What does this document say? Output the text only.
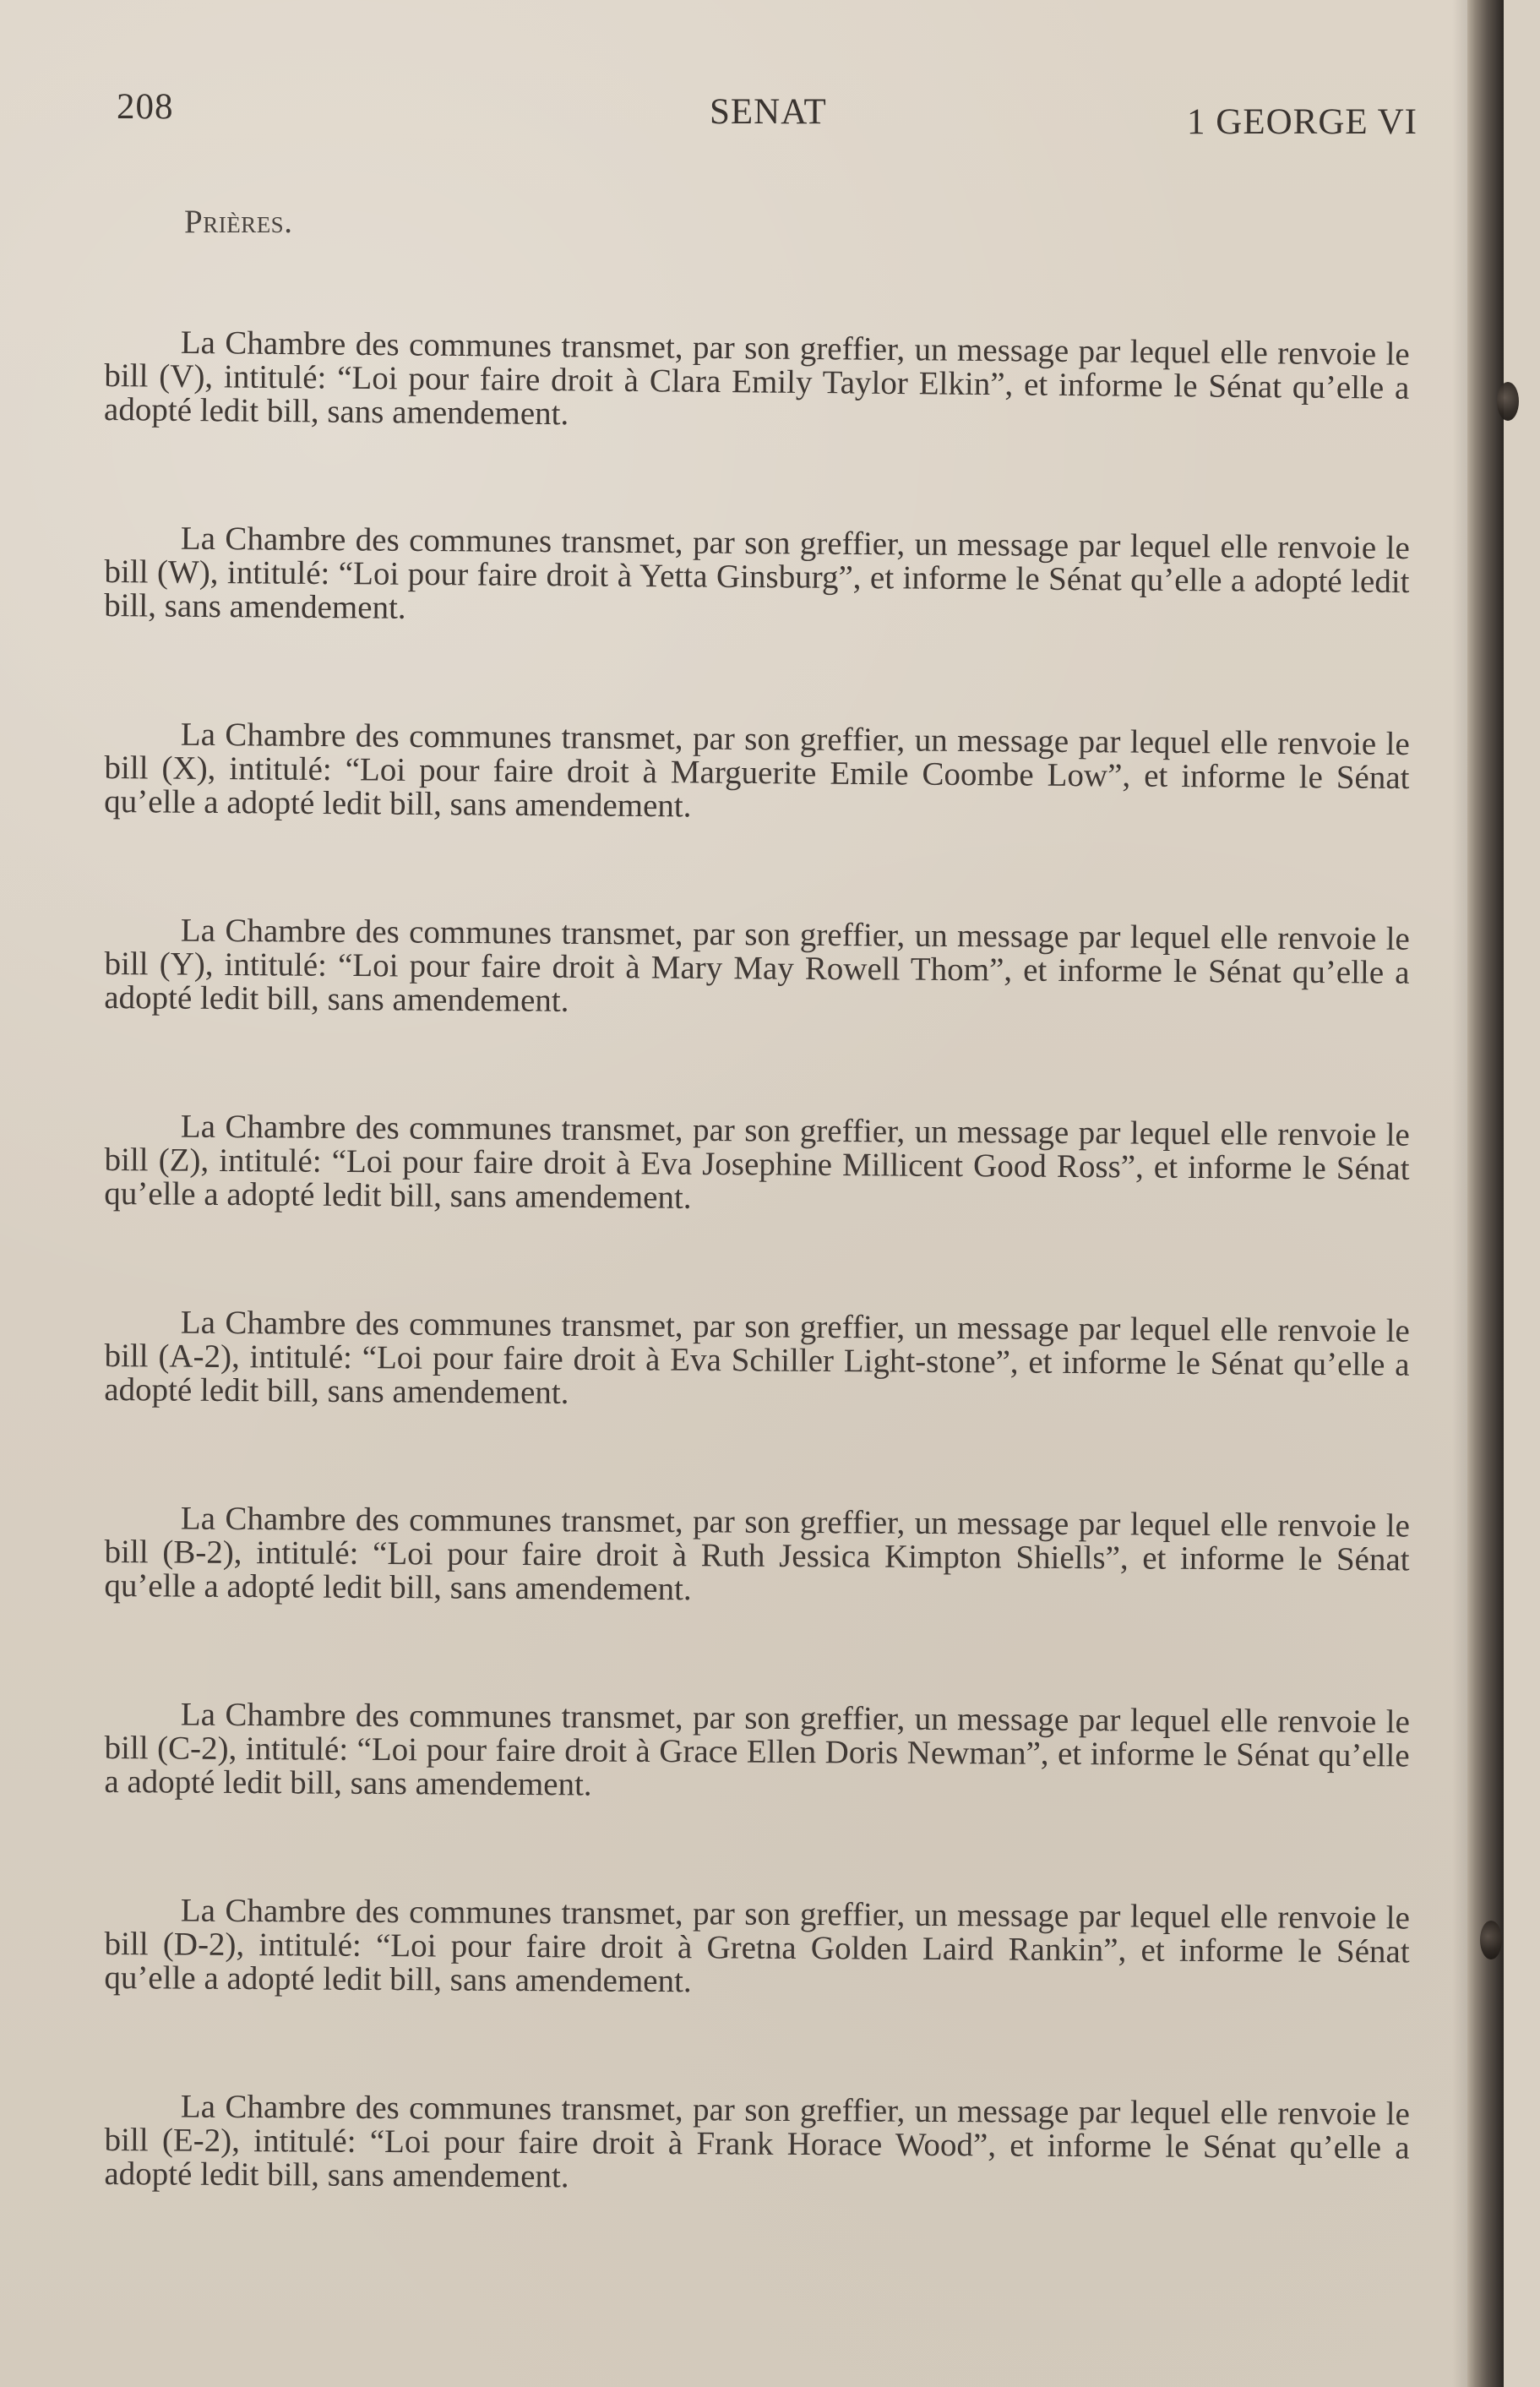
208	SENAT	1 GEORGE VI
Prières.

La Chambre des communes transmet, par son greffier, un message par lequel elle renvoie le bill (V), intitulé: “Loi pour faire droit à Clara Emily Taylor Elkin”, et informe le Sénat qu’elle a adopté ledit bill, sans amendement.

La Chambre des communes transmet, par son greffier, un message par lequel elle renvoie le bill (W), intitulé: “Loi pour faire droit à Yetta Ginsburg”, et informe le Sénat qu’elle a adopté ledit bill, sans amendement.

La Chambre des communes transmet, par son greffier, un message par lequel elle renvoie le bill (X), intitulé: “Loi pour faire droit à Marguerite Emile Coombe Low”, et informe le Sénat qu’elle a adopté ledit bill, sans amendement.

La Chambre des communes transmet, par son greffier, un message par lequel elle renvoie le bill (Y), intitulé: “Loi pour faire droit à Mary May Rowell Thom”, et informe le Sénat qu’elle a adopté ledit bill, sans amendement.

La Chambre des communes transmet, par son greffier, un message par lequel elle renvoie le bill (Z), intitulé: “Loi pour faire droit à Eva Josephine Millicent Good Ross”, et informe le Sénat qu’elle a adopté ledit bill, sans amendement.

La Chambre des communes transmet, par son greffier, un message par lequel elle renvoie le bill (A-2), intitulé: “Loi pour faire droit à Eva Schiller Light-stone”, et informe le Sénat qu’elle a adopté ledit bill, sans amendement.

La Chambre des communes transmet, par son greffier, un message par lequel elle renvoie le bill (B-2), intitulé: “Loi pour faire droit à Ruth Jessica Kimpton Shiells”, et informe le Sénat qu’elle a adopté ledit bill, sans amendement.

La Chambre des communes transmet, par son greffier, un message par lequel elle renvoie le bill (C-2), intitulé: “Loi pour faire droit à Grace Ellen Doris Newman”, et informe le Sénat qu’elle a adopté ledit bill, sans amendement.

La Chambre des communes transmet, par son greffier, un message par lequel elle renvoie le bill (D-2), intitulé: “Loi pour faire droit à Gretna Golden Laird Rankin”, et informe le Sénat qu’elle a adopté ledit bill, sans amendement.

La Chambre des communes transmet, par son greffier, un message par lequel elle renvoie le bill (E-2), intitulé: “Loi pour faire droit à Frank Horace Wood”, et informe le Sénat qu’elle a adopté ledit bill, sans amendement.
